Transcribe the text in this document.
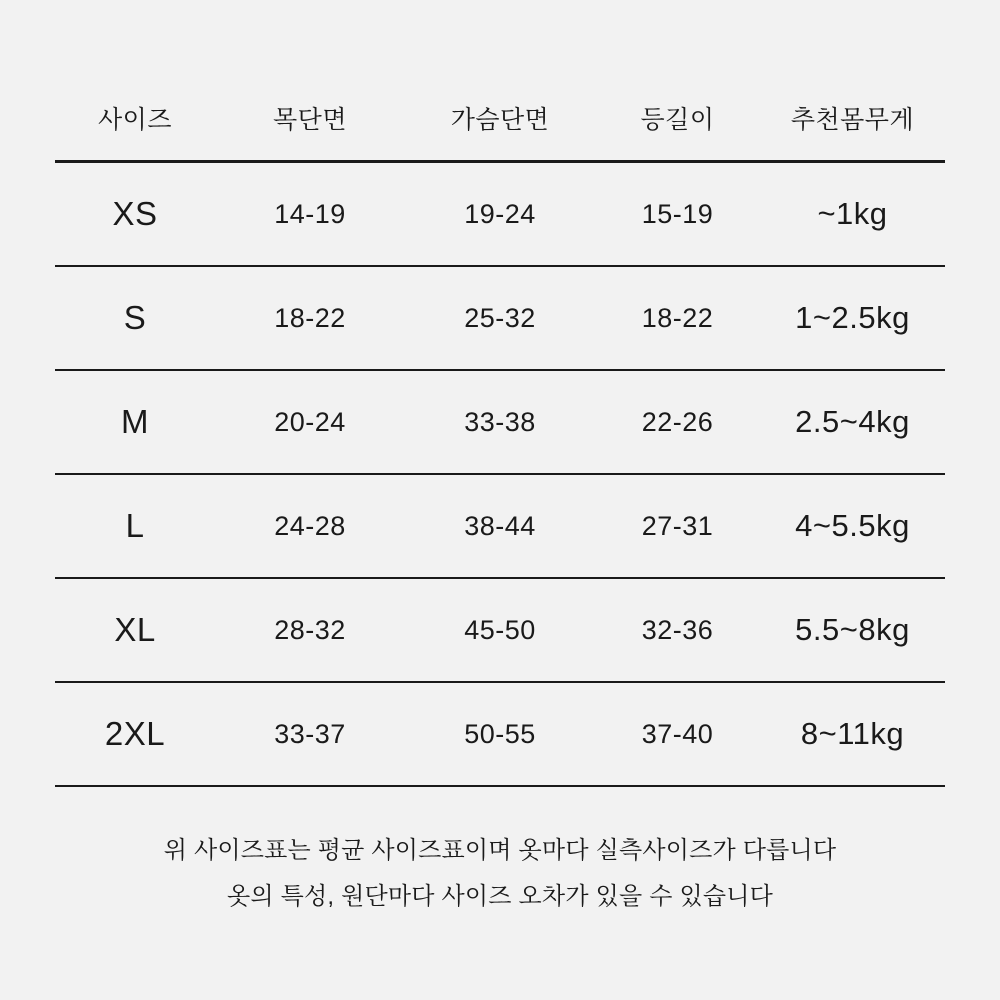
사이즈	목단면	가슴단면	등길이	추천몸무게
XS	14-19	19-24	15-19	~1kg
S	18-22	25-32	18-22	1~2.5kg
M	20-24	33-38	22-26	2.5~4kg
L	24-28	38-44	27-31	4~5.5kg
XL	28-32	45-50	32-36	5.5~8kg
2XL	33-37	50-55	37-40	8~11kg
위 사이즈표는 평균 사이즈표이며 옷마다 실측사이즈가 다릅니다
옷의 특성, 원단마다 사이즈 오차가 있을 수 있습니다
